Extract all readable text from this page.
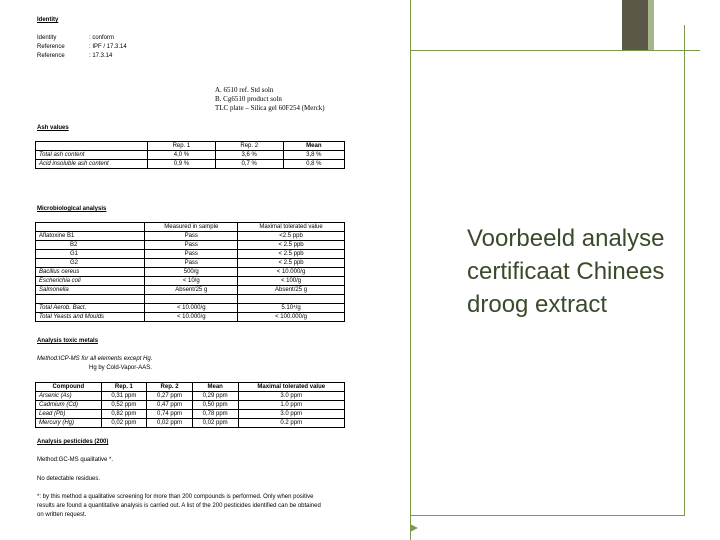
Voorbeeld analyse
certificaat Chinees
droog extract
Identity
Identity	: conform
Reference	: IPF / 17.3.14
Reference	: 17.3.14
A. 6510 ref. Std soln
B. Cg6510 product soln
TLC plate – Silica gel 60F254 (Merck)
Ash values
	Rep. 1	Rep. 2	Mean
Total ash content	4,0 %	3,6 %	3,8 %
Acid insoluble ash content	0,9 %	0,7 %	0,8 %
Microbiological analysis
	Measured in sample	Maximal tolerated value
Aflatoxine B1	Pass	<2.5 ppb
B2	Pass	< 2.5 ppb
G1	Pass	< 2.5 ppb
G2	Pass	< 2.5 ppb
Bacillus cereus	500/g	< 10.000/g
Escherichia coli	< 10/g	< 100/g
Salmonella	Absent/25 g	Absent/25 g

Total Aerob. Bact.	< 10.000/g	5.10⁴/g
Total Yeasts and Moulds	< 10.000/g	< 100.000/g
Analysis toxic metals
Method:ICP-MS for all elements except Hg.
Hg by Cold-Vapor-AAS.
Compound	Rep. 1	Rep. 2	Mean	Maximal tolerated value
Arsenic (As)	0,31 ppm	0,27 ppm	0,29 ppm	3.0 ppm
Cadmium (Cd)	0,52 ppm	0,47 ppm	0,50 ppm	1.0 ppm
Lead (Pb)	0,82 ppm	0,74 ppm	0,78 ppm	3.0 ppm
Mercury (Hg)	0,02 ppm	0,02 ppm	0,02 ppm	0.2 ppm
Analysis pesticides (200)
Method:GC-MS qualitative *.
No detectable residues.
*: by this method a qualitative screening for more than 200 compounds is performed. Only when positive
results are found a quantitative analysis is carried out. A list of the 200 pesticides identified can be obtained
on written request.
